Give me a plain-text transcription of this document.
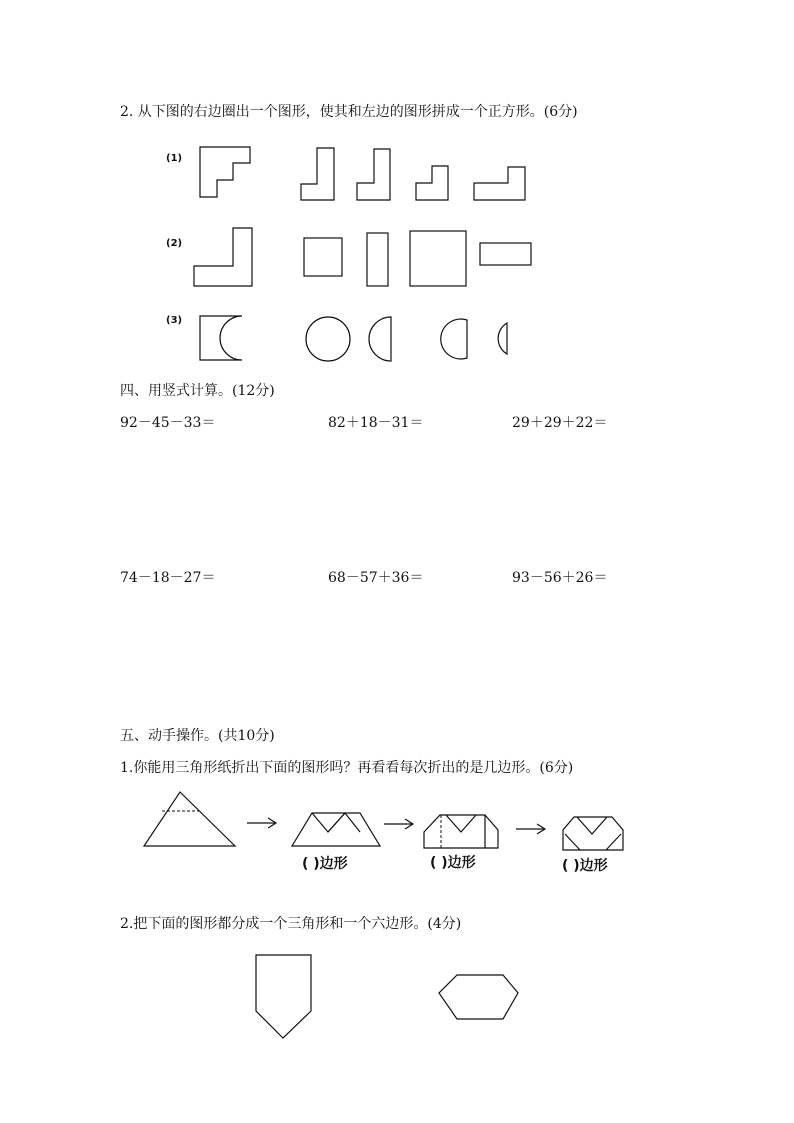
2. 从下图的右边圈出一个图形，使其和左边的图形拼成一个正方形。(6分)
(1)
(2)
(3)
四、用竖式计算。(12分)
92－45－33＝	82＋18－31＝	29＋29＋22＝
74－18－27＝	68－57＋36＝	93－56＋26＝
五、动手操作。(共10分)
1.你能用三角形纸折出下面的图形吗？再看看每次折出的是几边形。(6分)
( )边形	( )边形	( )边形
2.把下面的图形都分成一个三角形和一个六边形。(4分)
